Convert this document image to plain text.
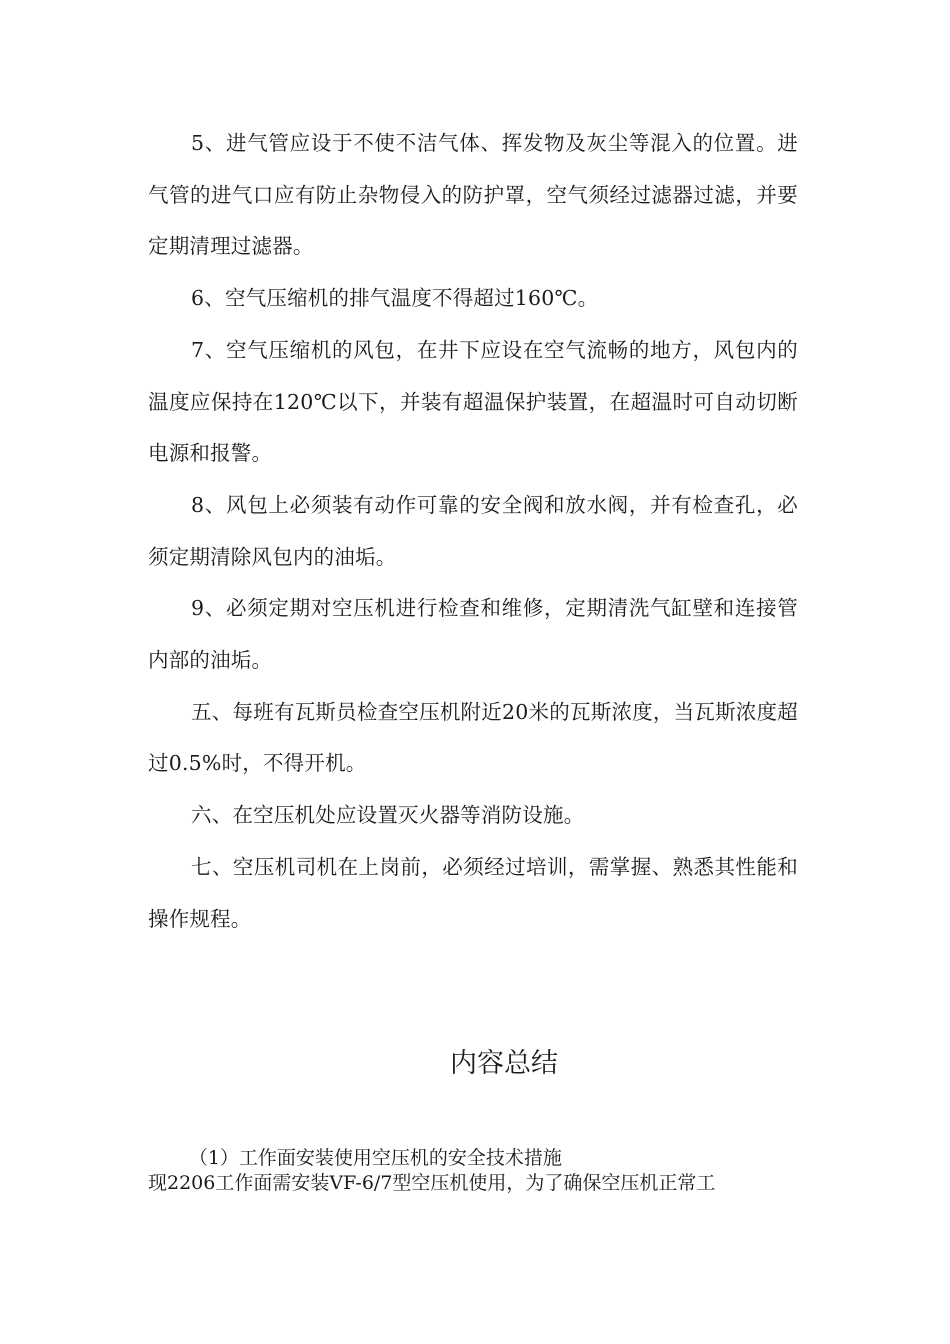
5、进气管应设于不使不洁气体、挥发物及灰尘等混入的位置。进气管的进气口应有防止杂物侵入的防护罩，空气须经过滤器过滤，并要定期清理过滤器。

6、空气压缩机的排气温度不得超过160℃。

7、空气压缩机的风包，在井下应设在空气流畅的地方，风包内的温度应保持在120℃以下，并装有超温保护装置，在超温时可自动切断电源和报警。

8、风包上必须装有动作可靠的安全阀和放水阀，并有检查孔，必须定期清除风包内的油垢。

9、必须定期对空压机进行检查和维修，定期清洗气缸壁和连接管内部的油垢。

五、每班有瓦斯员检查空压机附近20米的瓦斯浓度，当瓦斯浓度超过0.5%时，不得开机。

六、在空压机处应设置灭火器等消防设施。

七、空压机司机在上岗前，必须经过培训，需掌握、熟悉其性能和操作规程。

内容总结

（1）工作面安装使用空压机的安全技术措施

现2206工作面需安装VF-6/7型空压机使用，为了确保空压机正常工
